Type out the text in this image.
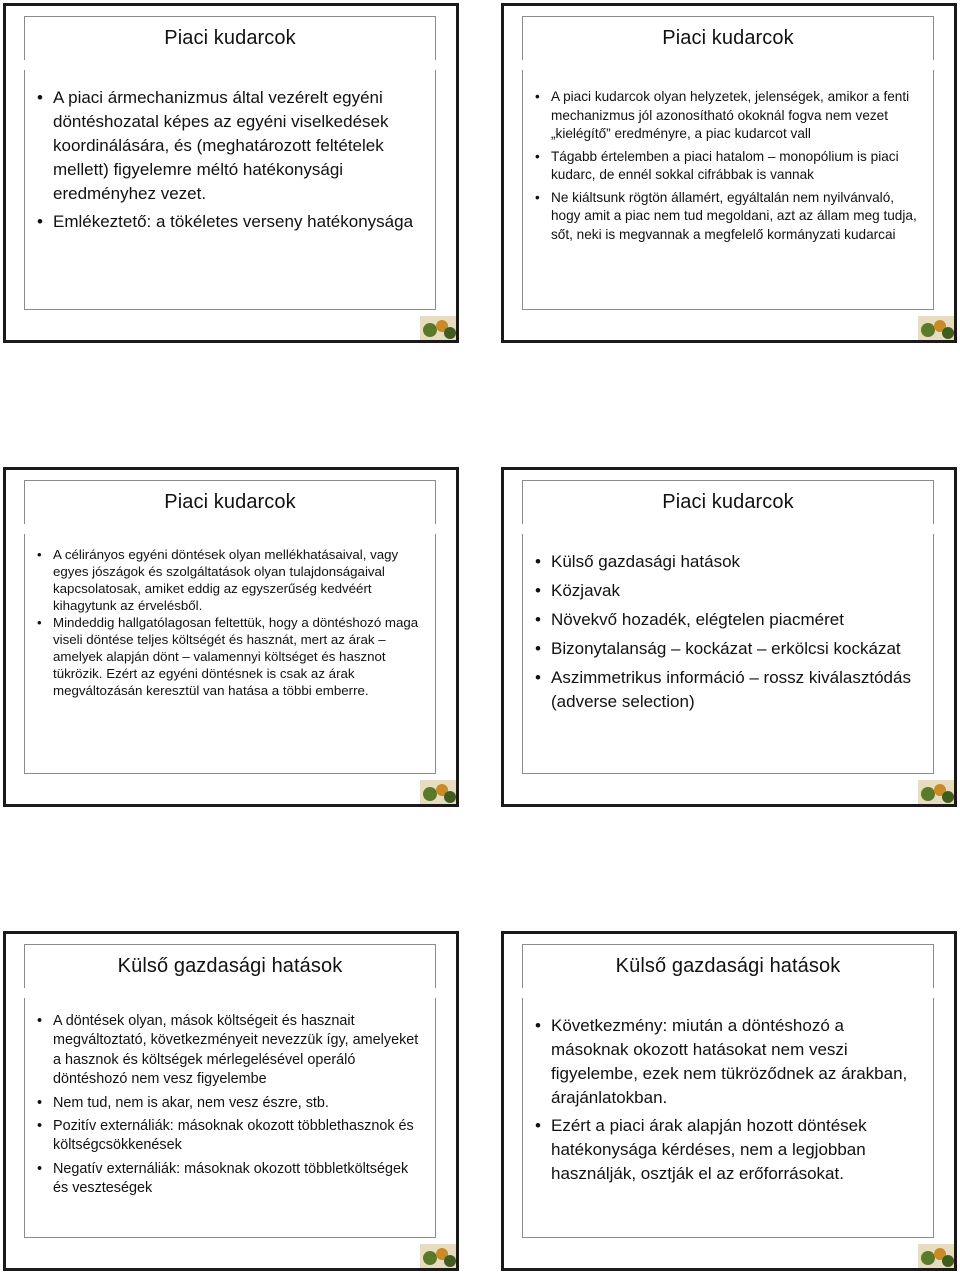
Piaci kudarcok
• A piaci ármechanizmus által vezérelt egyéni döntéshozatal képes az egyéni viselkedések koordinálására, és (meghatározott feltételek mellett) figyelemre méltó hatékonysági eredményhez vezet.
• Emlékeztető: a tökéletes verseny hatékonysága
Piaci kudarcok
• A piaci kudarcok olyan helyzetek, jelenségek, amikor a fenti mechanizmus jól azonosítható okoknál fogva nem vezet „kielégítő” eredményre, a piac kudarcot vall
• Tágabb értelemben a piaci hatalom – monopólium is piaci kudarc, de ennél sokkal cifrábbak is vannak
• Ne kiáltsunk rögtön államért, egyáltalán nem nyilvánvaló, hogy amit a piac nem tud megoldani, azt az állam meg tudja, sőt, neki is megvannak a megfelelő kormányzati kudarcai
Piaci kudarcok
• A célirányos egyéni döntések olyan mellékhatásaival, vagy egyes jószágok és szolgáltatások olyan tulajdonságaival kapcsolatosak, amiket eddig az egyszerűség kedvéért kihagytunk az érvelésből.
• Mindeddig hallgatólagosan feltettük, hogy a döntéshozó maga viseli döntése teljes költségét és hasznát, mert az árak – amelyek alapján dönt – valamennyi költséget és hasznot tükrözik. Ezért az egyéni döntésnek is csak az árak megváltozásán keresztül van hatása a többi emberre.
Piaci kudarcok
• Külső gazdasági hatások
• Közjavak
• Növekvő hozadék, elégtelen piacméret
• Bizonytalanság – kockázat – erkölcsi kockázat
• Aszimmetrikus információ – rossz kiválasztódás (adverse selection)
Külső gazdasági hatások
• A döntések olyan, mások költségeit és hasznait megváltoztató, következményeit nevezzük így, amelyeket a hasznok és költségek mérlegelésével operáló döntéshozó nem vesz figyelembe
• Nem tud, nem is akar, nem vesz észre, stb.
• Pozitív externáliák: másoknak okozott többlethasznok és költségcsökkenések
• Negatív externáliák: másoknak okozott többletköltségek és veszteségek
Külső gazdasági hatások
• Következmény: miután a döntéshozó a másoknak okozott hatásokat nem veszi figyelembe, ezek nem tükröződnek az árakban, árajánlatokban.
• Ezért a piaci árak alapján hozott döntések hatékonysága kérdéses, nem a legjobban használják, osztják el az erőforrásokat.
